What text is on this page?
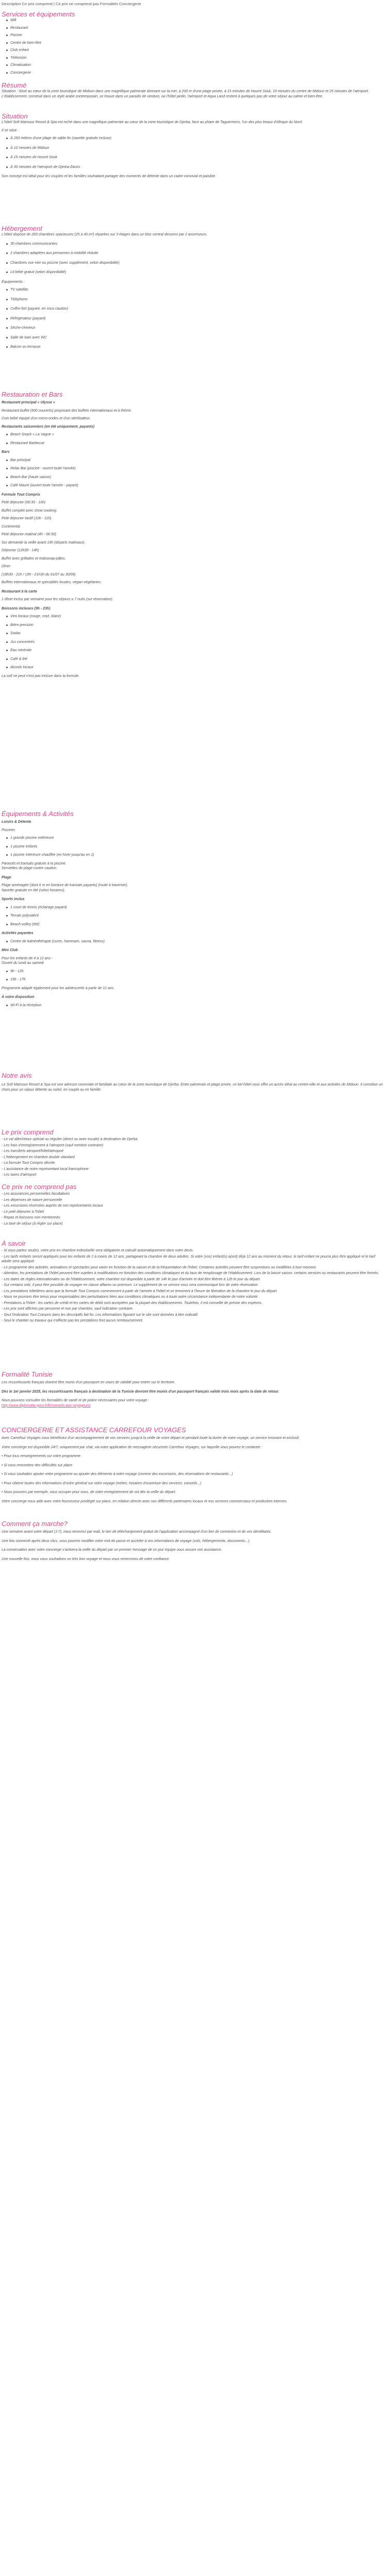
Description Ce prix comprend | Ce prix ne comprend pas Formalités Conciergerie
Services et équipements
Wifi
Restaurant
Piscine
Centre de bien-être
Club enfant
Télévision
Climatisation
Conciergerie
Résumé

Situation : Situé au cœur de la zone touristique de Midoun dans une magnifique palmeraie donnant sur la mer, à 200 m d'une plage privée, à 15 minutes de Houmt Souk, 10 minutes du centre de Midoun et 25 minutes de l'aéroport.

L'établissement, construit dans un style arabe contemporain, se trouve dans un paradis de verdure, où l'hôtel jardin, l'aéroport et Aqua Land restent à quelques pas de votre séjour au calme et bien-être.

Situation

L'hôtel Sofi Mansour Resort & Spa est niché dans une magnifique palmeraie au cœur de la zone touristique de Djerba, face au phare de Taguermess, l'un des plus beaux d'Afrique du Nord.

Il se situe :

À 250 mètres d'une plage de sable fin (navette gratuite incluse)
À 10 minutes de Midoun
À 15 minutes de Houmt Souk
À 30 minutes de l'aéroport de Djerba-Zarzis

Son concept est idéal pour les couples et les familles souhaitant partager des moments de détente dans un cadre convivial et paisible.

Hébergement

L'hôtel dispose de 269 chambres spacieuses (25 à 40 m²) réparties sur 3 étages dans un bloc central desservi par 2 ascenseurs.

30 chambres communicantes
2 chambres adaptées aux personnes à mobilité réduite
Chambres vue mer ou piscine (avec supplément, selon disponibilité)
Lit bébé gratuit (selon disponibilité)

Équipements :

TV satellite
Téléphone
Coffre-fort (payant, en sous caution)
Réfrigérateur (payant)
Sèche-cheveux
Salle de bain avec WC
Balcon ou terrasse
Restauration et Bars

Restaurant principal « Ulysse »

Restaurant buffet (500 couverts) proposant des buffets internationaux et à thème.

Coin bébé équipé d'un micro-ondes et d'un stérilisateur.

Restaurants saisonniers (en été uniquement, payants)

Beach Snack « La Vague »
Restaurant Barbecue

Bars

Bar principal
Relax Bar (piscine - ouvert toute l'année)
Beach Bar (haute saison)
Café Maure (ouvert toute l'année - payant)

Formule Tout Compris

Petit déjeuner (06:30 - 10h)

Buffet complet avec show cooking.

Petit déjeuner tardif (10h - 11h)

Continental.

Petit déjeuner matinal (4h - 06:30)

Sur demande la veille avant 19h (départs matinaux).

Déjeuner (12h30 - 14h)

Buffet avec grillades et malsouqa-pâtes.

Dîner

(18h30 - 21h / 19h - 21h30 du 01/07 au 30/09)

Buffets internationaux et spécialités locales, végan-végétarien.

Restaurant à la carte

1 dîner inclus par semaine pour les séjours ≥ 7 nuits (sur réservation).

Boissons incluses (9h - 23h)

Vins locaux (rouge, rosé, blanc)
Bière pression
Sodas
Jus concentrés
Eau minérale
Café & thé
Alcools locaux

La soif ne peut n'est pas incluse dans la formule.

Équipements & Activités

Loisirs & Détente

Piscines

1 grande piscine extérieure
1 piscine enfants
1 piscine intérieure chauffée (en hiver jusqu'au en 1)

Parasols et transats gratuits à la piscine.
Serviettes de plage contre caution.

Plage

Plage aménagée (dont 6 m en bordure de transats payants) (route à traverser).
Navette gratuite en été (selon horaires).

Sports inclus

1 court de tennis (éclairage payant)
Terrain polyvalent
Beach-volley (été)

Activités payantes

Centre de balnéothérapie (cures, hammam, sauna, fitness)

Mini Club

Pour les enfants de 4 à 12 ans -
Ouvert du lundi au samedi

9h - 12h
15h - 17h

Programme adapté également pour les adolescents à partir de 12 ans.

À votre disposition

Wi-Fi à la réception
Notre avis

Le Sofi Mansour Resort & Spa est une adresse conviviale et familiale au cœur de la zone touristique de Djerba. Entre palmeraie et plage privée, ce bel hôtel vous offre un accès idéal au centre-ville et aux activités de Midoun. Il constitue un choix pour un séjour détente au soleil, en couple ou en famille.

Le prix comprend

- Le vol aller/retour spécial ou régulier (direct ou avec escale) à destination de Djerba

- Les frais d'enregistrement à l'aéroport (sauf mention contraire)

- Les transferts aéroport/hôtel/aéroport

- L'hébergement en chambre double standard

- La formule Tout Compris décrite

- L'assistance de notre représentant local francophone

- Les taxes d'aéroport

Ce prix ne comprend pas

- Les assurances personnelles facultatives

- Les dépenses de nature personnelle

- Les excursions réservées auprès de nos représentants locaux

- Le petit déjeuner à l'hôtel

- Repas et boissons non mentionnés

- La taxe de séjour (à régler sur place)

À savoir

- Si vous partez seul(e), votre prix en chambre individuelle sera obligatoire et calculé automatiquement dans votre devis.

- Les tarifs enfants seront appliqués pour les enfants de 2 à moins de 12 ans, partageant la chambre de deux adultes. Si votre (vos) enfant(s) a(ont) déjà 12 ans au moment du retour, le tarif enfant ne pourra plus être appliqué et le tarif adulte sera appliqué.

- Le programme des activités, animations et spectacles peut varier en fonction de la saison et de la fréquentation de l'hôtel. Certaines activités peuvent être suspendues ou modifiées à tout moment.

- Attention, les prestations de l'hôtel peuvent être sujettes à modifications en fonction des conditions climatiques et du taux de remplissage de l'établissement. Lors de la basse saison, certains services ou restaurants peuvent être fermés.

- Les dates de règles internationales ou de l'établissement, votre chambre est disponible à partir de 14h le jour d'arrivée et doit être libérée à 12h le jour du départ.

- Sur certains vols, il peut être possible de voyager en classe affaires ou premium. Le supplément de ce service vous sera communiqué lors de votre réservation.

- Les prestations hôtelières ainsi que la formule Tout Compris commencent à partir de l'arrivée à l'hôtel et se terminent à l'heure de libération de la chambre le jour du départ.

- Nous ne pouvons être tenus pour responsables des perturbations liées aux conditions climatiques ou à toute autre circonstance indépendante de notre volonté.

- Prestations à l'hôtel : les cartes de crédit et les cartes de débit sont acceptées par la plupart des établissements. Toutefois, il est conseillé de prévoir des espèces.

- Les prix sont affichés par personne et non par chambre, sauf indication contraire.

- Seul l'indication Tout Compris dans les descriptifs fait foi. Les informations figurant sur le site sont données à titre indicatif.

- Seul le chantier ou travaux qui n'affecte pas les prestations font aucun remboursement.

Formalité Tunisie

Les ressortissants français doivent être munis d'un passeport en cours de validité pour entrer sur le territoire.

Dès le 1er janvier 2025, les ressortissants français à destination de la Tunisie devront être munis d'un passeport français valide trois mois après la date de retour.

Nous pouvons consulter les formalités de santé et de police nécessaires pour votre voyage :

http://www.diplomatie.gouv.fr/fr/conseils-aux-voyageurs/

CONCIERGERIE ET ASSISTANCE CARREFOUR VOYAGES

Avec Carrefour Voyages vous bénéficiez d'un accompagnement de vos services jusqu'à la veille de votre départ et pendant toute la durée de votre voyage, un service innovant et exclusif.

Votre concierge est disponible 24/7, uniquement par chat, via votre application de messagerie sécurisée Carrefour Voyages, sur laquelle vous pouvez le contacter :

• Pour tous renseignements sur votre programme

• Si vous rencontrez des difficultés sur place

• Si vous souhaitez ajouter votre programme ou ajouter des éléments à votre voyage (comme des excursions, des réservations de restaurants...)

• Pour obtenir toutes des informations d'ordre général sur votre voyage (météo, horaires d'ouverture des services, conseils...)

• Nous pouvons par exemple, vous occuper pour vous, de votre enregistrement de vol dès la veille du départ.

Votre concierge vous aide avec votre fournisseur privilégié sur place, en relation directe avec nos différents partenaires locaux et nos services commerciaux et production internes.

Comment ça marche?

Une semaine avant votre départ (J-7), nous recevrez par mail, le lien de téléchargement gratuit de l'application accompagné d'un lien de connexion et de vos identifiants.

Une fois connecté après deux clics, vous pourrez modifier votre mot de passe et accéder à vos informations de voyage (vols, hébergements, documents...).

La conversation avec votre concierge s'activera la veille du départ par un premier message de ce jour équipe vous assure son assistance.

Une nouvelle fois, nous vous souhaitons un très bon voyage et nous vous remercions de votre confiance.
